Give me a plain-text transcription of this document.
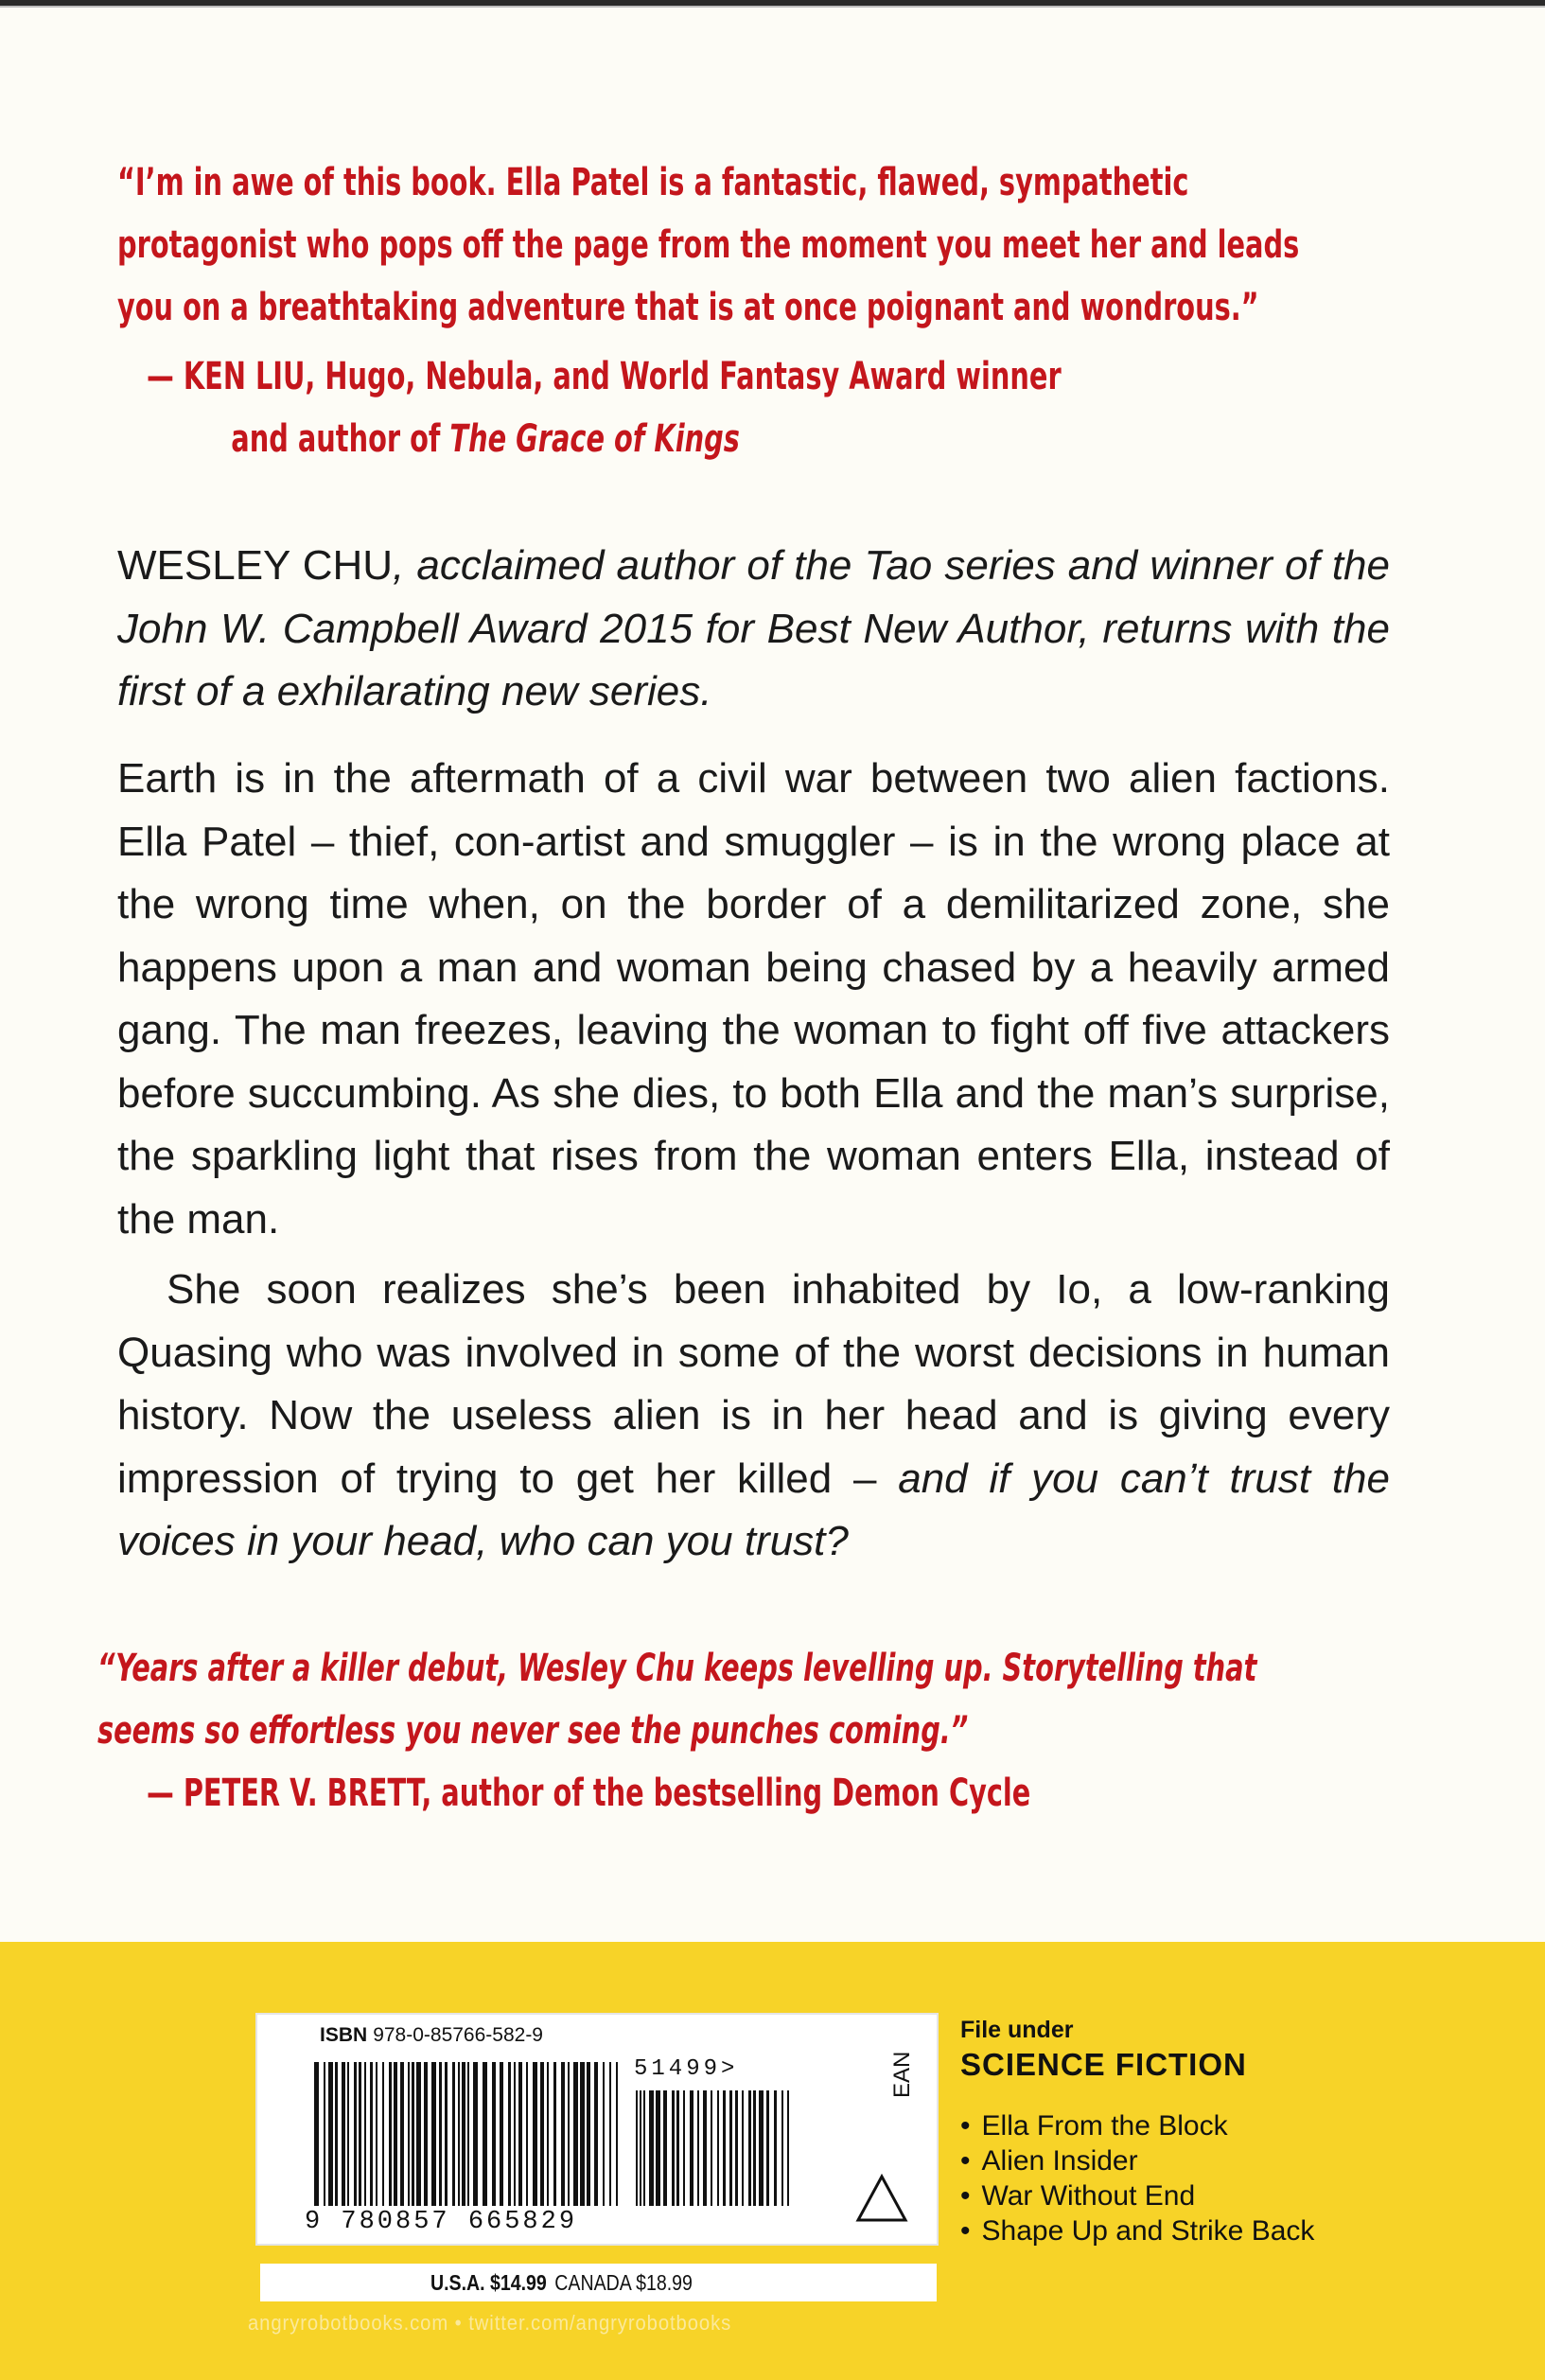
“I’m in awe of this book. Ella Patel is a fantastic, flawed, sympathetic
protagonist who pops off the page from the moment you meet her and leads
you on a breathtaking adventure that is at once poignant and wondrous.”
— KEN LIU, Hugo, Nebula, and World Fantasy Award winner
and author of The Grace of Kings
WESLEY CHU, acclaimed author of the Tao series and winner of the John W. Campbell Award 2015 for Best New Author, returns with the first of a exhilarating new series.
Earth is in the aftermath of a civil war between two alien factions. Ella Patel – thief, con-artist and smuggler – is in the wrong place at the wrong time when, on the border of a demilitarized zone, she happens upon a man and woman being chased by a heavily armed gang. The man freezes, leaving the woman to fight off five attackers before succumbing. As she dies, to both Ella and the man’s surprise, the sparkling light that rises from the woman enters Ella, instead of the man.
She soon realizes she’s been inhabited by Io, a low-ranking Quasing who was involved in some of the worst decisions in human history. Now the useless alien is in her head and is giving every impression of trying to get her killed – and if you can’t trust the voices in your head, who can you trust?
“Years after a killer debut, Wesley Chu keeps levelling up. Storytelling that
seems so effortless you never see the punches coming.”
— PETER V. BRETT, author of the bestselling Demon Cycle
ISBN 978-0-85766-582-9
51499>
9 780857 665829
EAN
U.S.A. $14.99 CANADA $18.99
angryrobotbooks.com • twitter.com/angryrobotbooks
File under
SCIENCE FICTION
• Ella From the Block
• Alien Insider
• War Without End
• Shape Up and Strike Back
